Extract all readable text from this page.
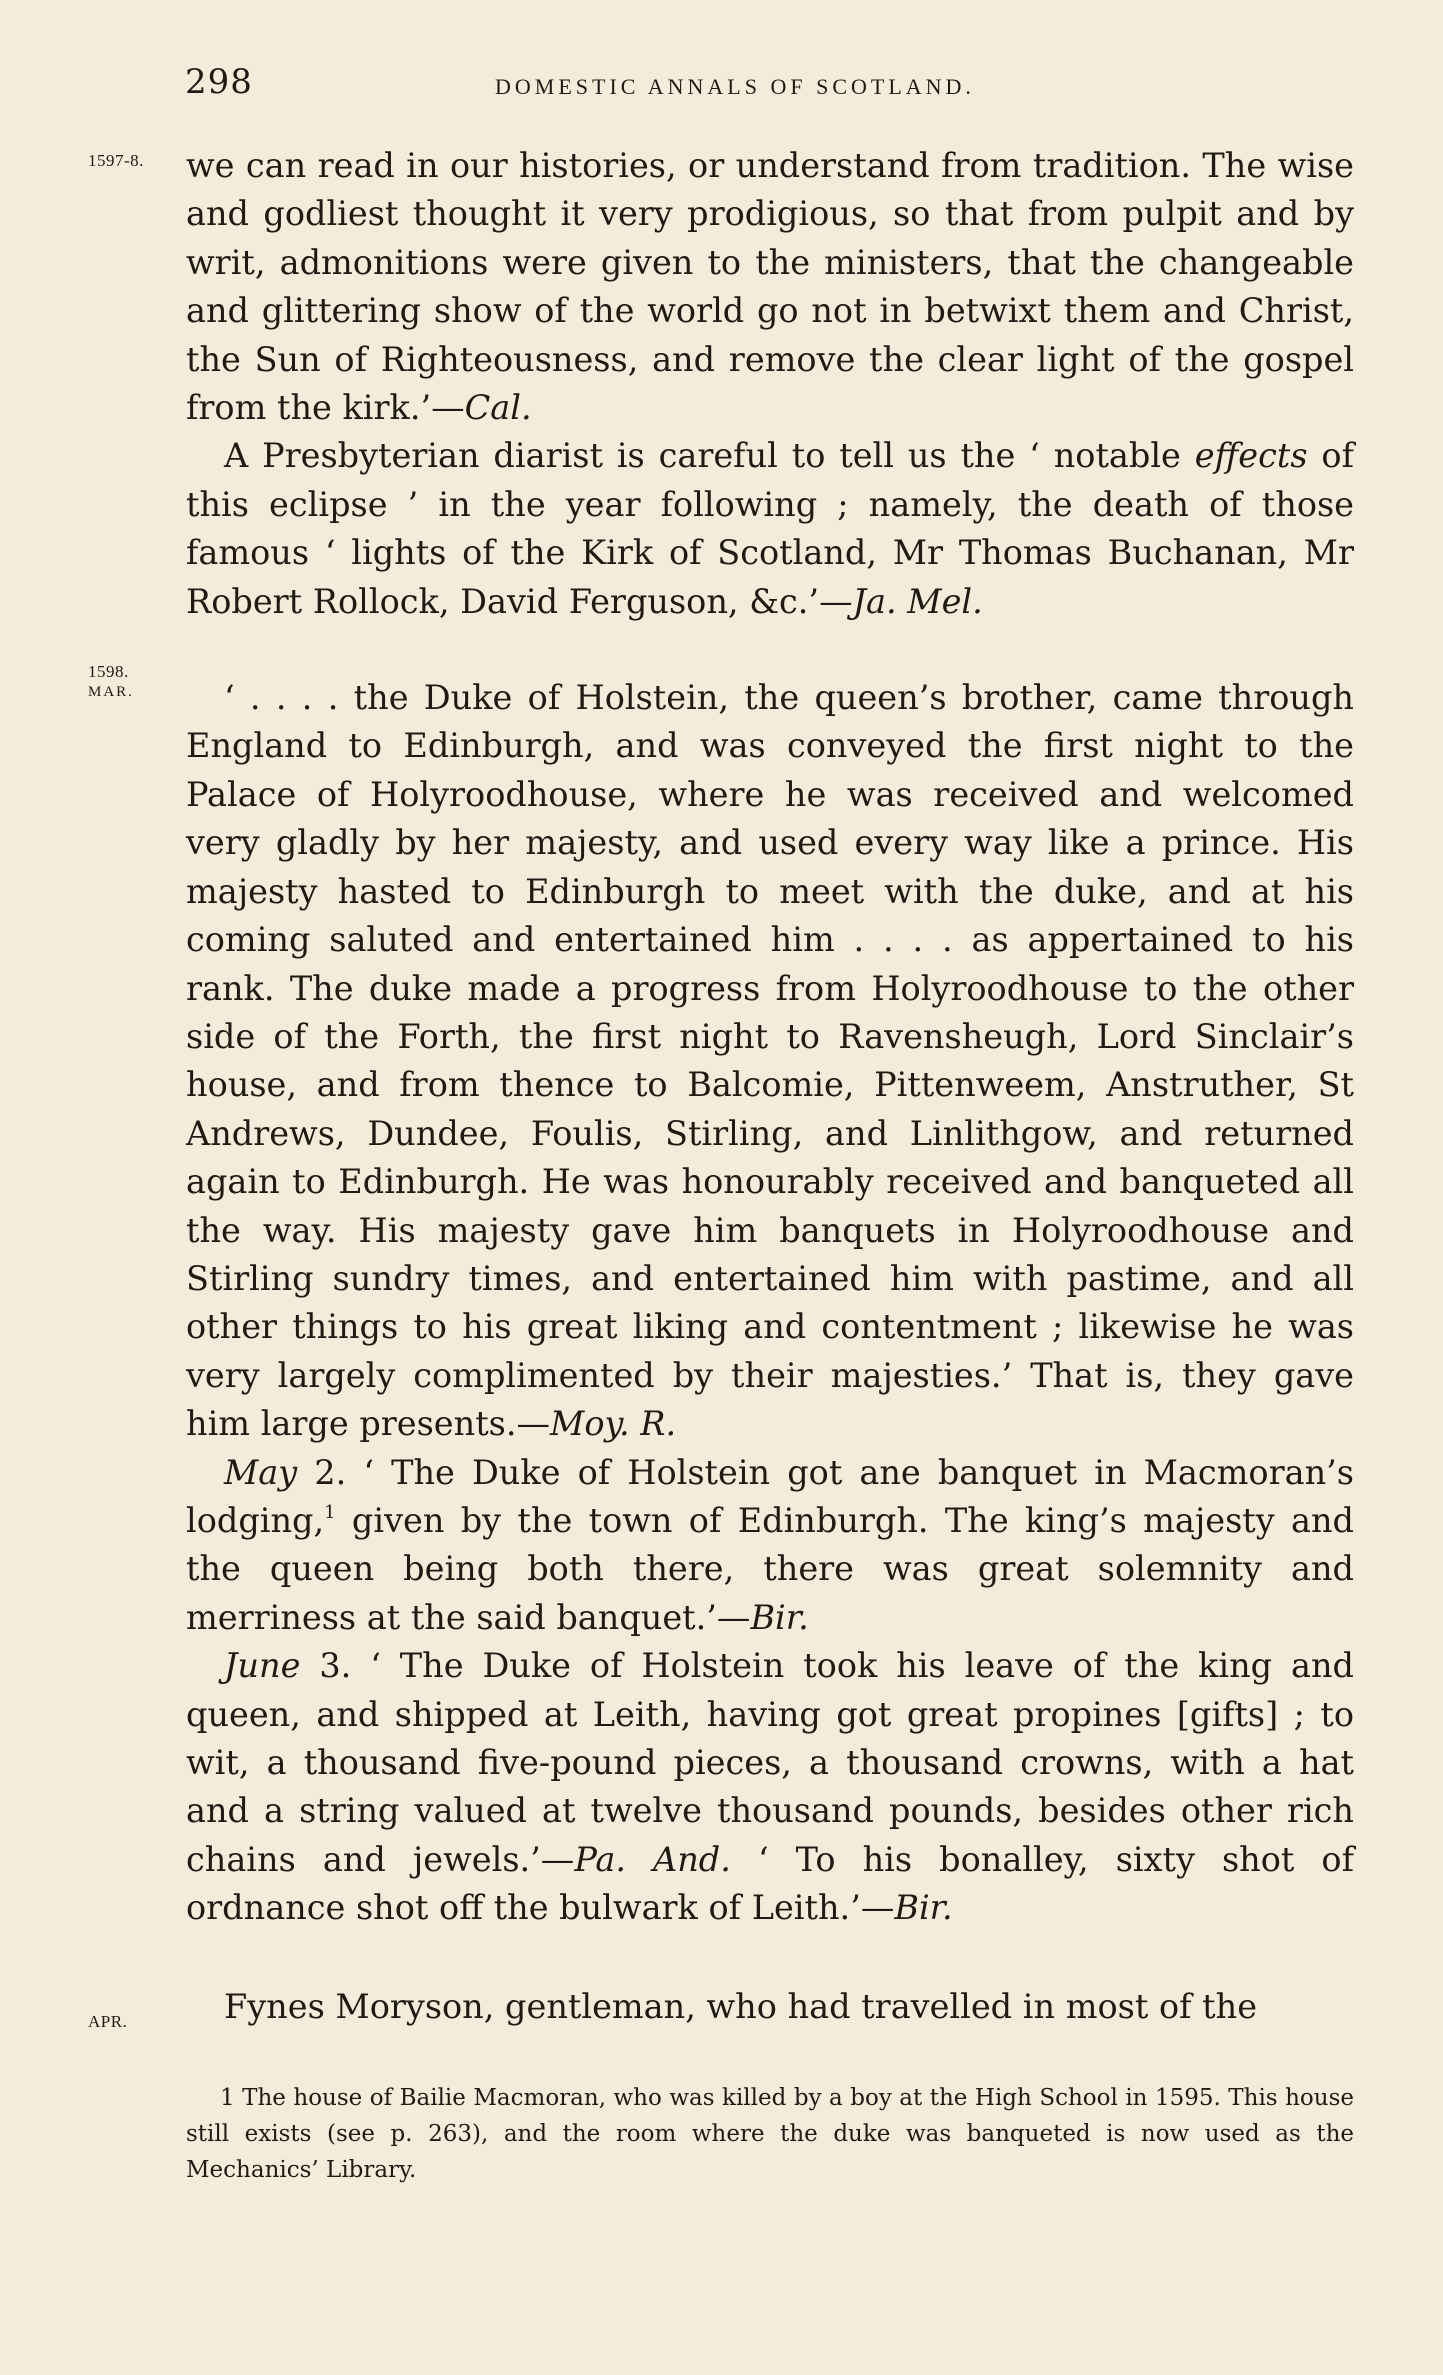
298	DOMESTIC ANNALS OF SCOTLAND.
1597-8.
1598.
MAR.
APR.

we can read in our histories, or understand from tradition. The wise and godliest thought it very prodigious, so that from pulpit and by writ, admonitions were given to the ministers, that the changeable and glittering show of the world go not in betwixt them and Christ, the Sun of Righteousness, and remove the clear light of the gospel from the kirk.’—Cal.

A Presbyterian diarist is careful to tell us the ‘ notable effects of this eclipse ’ in the year following ; namely, the death of those famous ‘ lights of the Kirk of Scotland, Mr Thomas Buchanan, Mr Robert Rollock, David Ferguson, &c.’—Ja. Mel.

‘ . . . . the Duke of Holstein, the queen’s brother, came through England to Edinburgh, and was conveyed the first night to the Palace of Holyroodhouse, where he was received and welcomed very gladly by her majesty, and used every way like a prince. His majesty hasted to Edinburgh to meet with the duke, and at his coming saluted and entertained him . . . . as appertained to his rank. The duke made a progress from Holyroodhouse to the other side of the Forth, the first night to Ravensheugh, Lord Sinclair’s house, and from thence to Balcomie, Pittenweem, Anstruther, St Andrews, Dundee, Foulis, Stirling, and Linlithgow, and returned again to Edinburgh. He was honourably received and banqueted all the way. His majesty gave him banquets in Holyroodhouse and Stirling sundry times, and entertained him with pastime, and all other things to his great liking and contentment ; likewise he was very largely complimented by their majesties.’ That is, they gave him large presents.—Moy. R.

May 2. ‘ The Duke of Holstein got ane banquet in Macmoran’s lodging,$^1$ given by the town of Edinburgh. The king’s majesty and the queen being both there, there was great solemnity and merriness at the said banquet.’—Bir.

June 3. ‘ The Duke of Holstein took his leave of the king and queen, and shipped at Leith, having got great propines [gifts] ; to wit, a thousand five-pound pieces, a thousand crowns, with a hat and a string valued at twelve thousand pounds, besides other rich chains and jewels.’—Pa. And. ‘ To his bonalley, sixty shot of ordnance shot off the bulwark of Leith.’—Bir.

Fynes Moryson, gentleman, who had travelled in most of the

1 The house of Bailie Macmoran, who was killed by a boy at the High School in 1595. This house still exists (see p. 263), and the room where the duke was banqueted is now used as the Mechanics’ Library.
